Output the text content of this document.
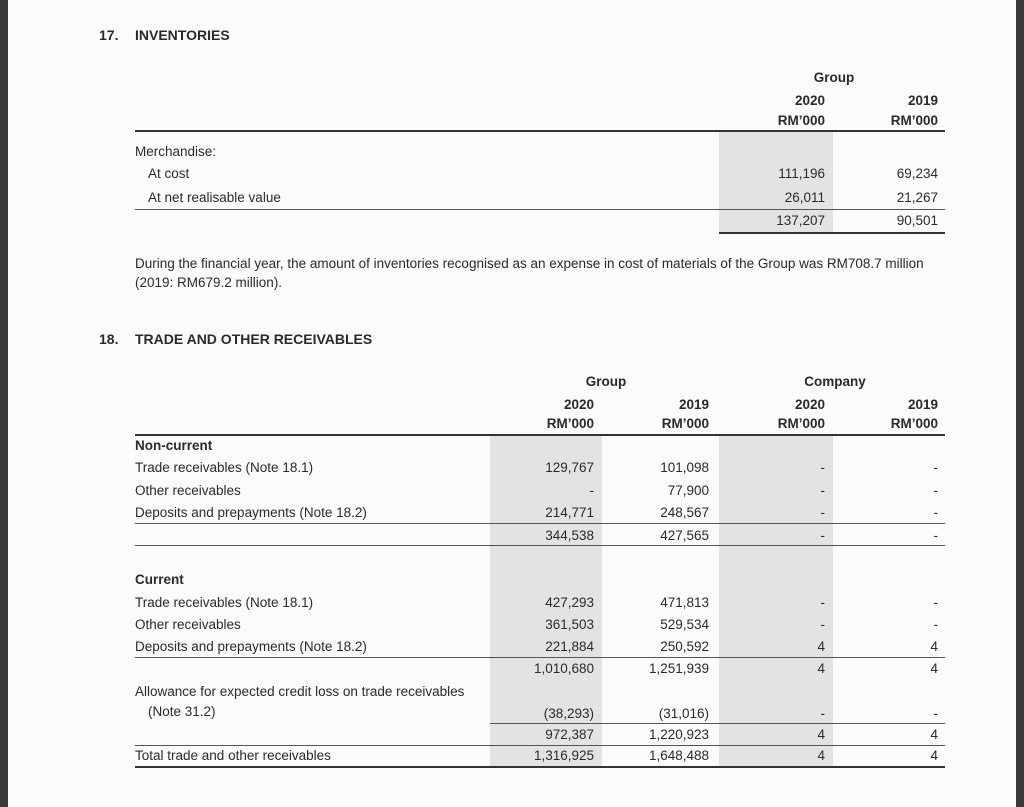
17. INVENTORIES
Group
2020	2019
RM’000	RM’000
Merchandise:
At cost	111,196	69,234
At net realisable value	26,011	21,267
137,207	90,501
During the financial year, the amount of inventories recognised as an expense in cost of materials of the Group was RM708.7 million (2019: RM679.2 million).
18. TRADE AND OTHER RECEIVABLES
Group	Company
2020	2019	2020	2019
RM’000	RM’000	RM’000	RM’000
Non-current
Trade receivables (Note 18.1)	129,767	101,098	-	-
Other receivables	-	77,900	-	-
Deposits and prepayments (Note 18.2)	214,771	248,567	-	-
344,538	427,565	-	-
Current
Trade receivables (Note 18.1)	427,293	471,813	-	-
Other receivables	361,503	529,534	-	-
Deposits and prepayments (Note 18.2)	221,884	250,592	4	4
1,010,680	1,251,939	4	4
Allowance for expected credit loss on trade receivables
(Note 31.2)	(38,293)	(31,016)	-	-
972,387	1,220,923	4	4
Total trade and other receivables	1,316,925	1,648,488	4	4
